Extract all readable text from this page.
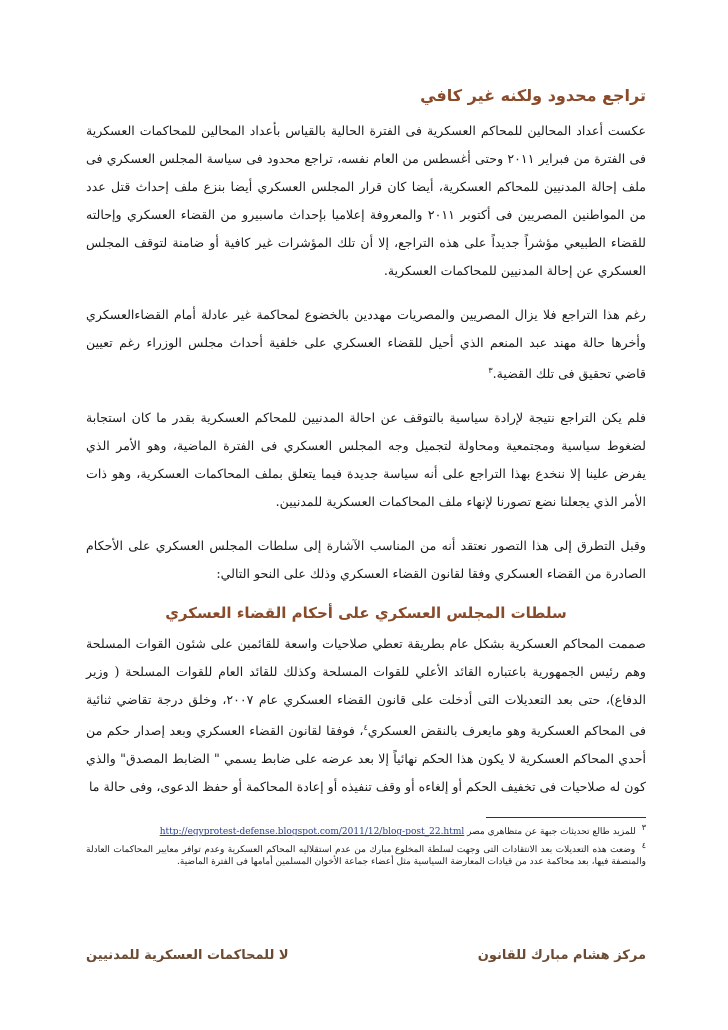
تراجع محدود ولكنه غير كافي

عكست أعداد المحالين للمحاكم العسكرية فى الفترة الحالية بالقياس بأعداد المحالين للمحاكمات العسكرية فى الفترة من فبراير ٢٠١١ وحتى أغسطس من العام نفسه، تراجع محدود فى سياسة المجلس العسكري فى ملف إحالة المدنيين للمحاكم العسكرية، أيضا كان قرار المجلس العسكري أيضا بنزع ملف إحداث قتل عدد من المواطنين المصريين فى أكتوبر ٢٠١١ والمعروفة إعلاميا بإحداث ماسبيرو من القضاء العسكري وإحالته للقضاء الطبيعي مؤشراً جديداً على هذه التراجع، إلا أن تلك المؤشرات غير كافية أو ضامنة لتوقف المجلس العسكري عن إحالة المدنيين للمحاكمات العسكرية.

رغم هذا التراجع فلا يزال المصريين والمصريات مهددين بالخضوع لمحاكمة غير عادلة أمام القضاءالعسكري وأخرها حالة مهند عبد المنعم الذي أحيل للقضاء العسكري على خلفية أحداث مجلس الوزراء رغم تعيين قاضي تحقيق فى تلك القضية.$^٣$

فلم يكن التراجع نتيجة لإرادة سياسية بالتوقف عن احالة المدنيين للمحاكم العسكرية بقدر ما كان استجابة لضغوط سياسية ومجتمعية ومحاولة لتجميل وجه المجلس العسكري فى الفترة الماضية، وهو الأمر الذي يفرض علينا إلا ننخدع بهذا التراجع على أنه سياسة جديدة فيما يتعلق بملف المحاكمات العسكرية، وهو ذات الأمر الذي يجعلنا نضع تصورنا لإنهاء ملف المحاكمات العسكرية للمدنيين.

وقبل التطرق إلى هذا التصور نعتقد أنه من المناسب الآشارة إلى سلطات المجلس العسكري على الأحكام الصادرة من القضاء العسكري وفقا لقانون القضاء العسكري وذلك على النحو التالي:

سلطات المجلس العسكري على أحكام القضاء العسكري

صممت المحاكم العسكرية بشكل عام بطريقة تعطي صلاحيات واسعة للقائمين على شئون القوات المسلحة وهم رئيس الجمهورية باعتباره القائد الأعلي للقوات المسلحة وكذلك للقائد العام للقوات المسلحة ( وزير الدفاع)، حتى بعد التعديلات التى أدخلت على قانون القضاء العسكري عام ٢٠٠٧، وخلق درجة تقاضي ثنائية فى المحاكم العسكرية وهو مايعرف بالنقض العسكري$^٤$، فوفقا لقانون القضاء العسكري وبعد إصدار حكم من أحدي المحاكم العسكرية لا يكون هذا الحكم نهائياً إلا بعد عرضه على ضابط يسمي " الضابط المصدق" والذي كون له صلاحيات فى تخفيف الحكم أو إلغاءه أو وقف تنفيذه أو إعادة المحاكمة أو حفظ الدعوى، وفى حالة ما

٣ للمزيد طالع تحديثات جبهة عن متظاهري مصر http://egyprotest-defense.blogspot.com/2011/12/blog-post_22.html

٤ وضعت هذه التعديلات بعد الانتقادات التى وجهت لسلطة المخلوع مبارك من عدم استقلاليه المحاكم العسكرية وعدم توافر معايير المحاكمات العادلة والمنصفة فيها، بعد محاكمة عدد من قيادات المعارضة السياسية مثل أعضاء جماعة الأخوان المسلمين أمامها فى الفترة الماضية.

مركز هشام مبارك للقانون
لا للمحاكمات العسكرية للمدنيين
